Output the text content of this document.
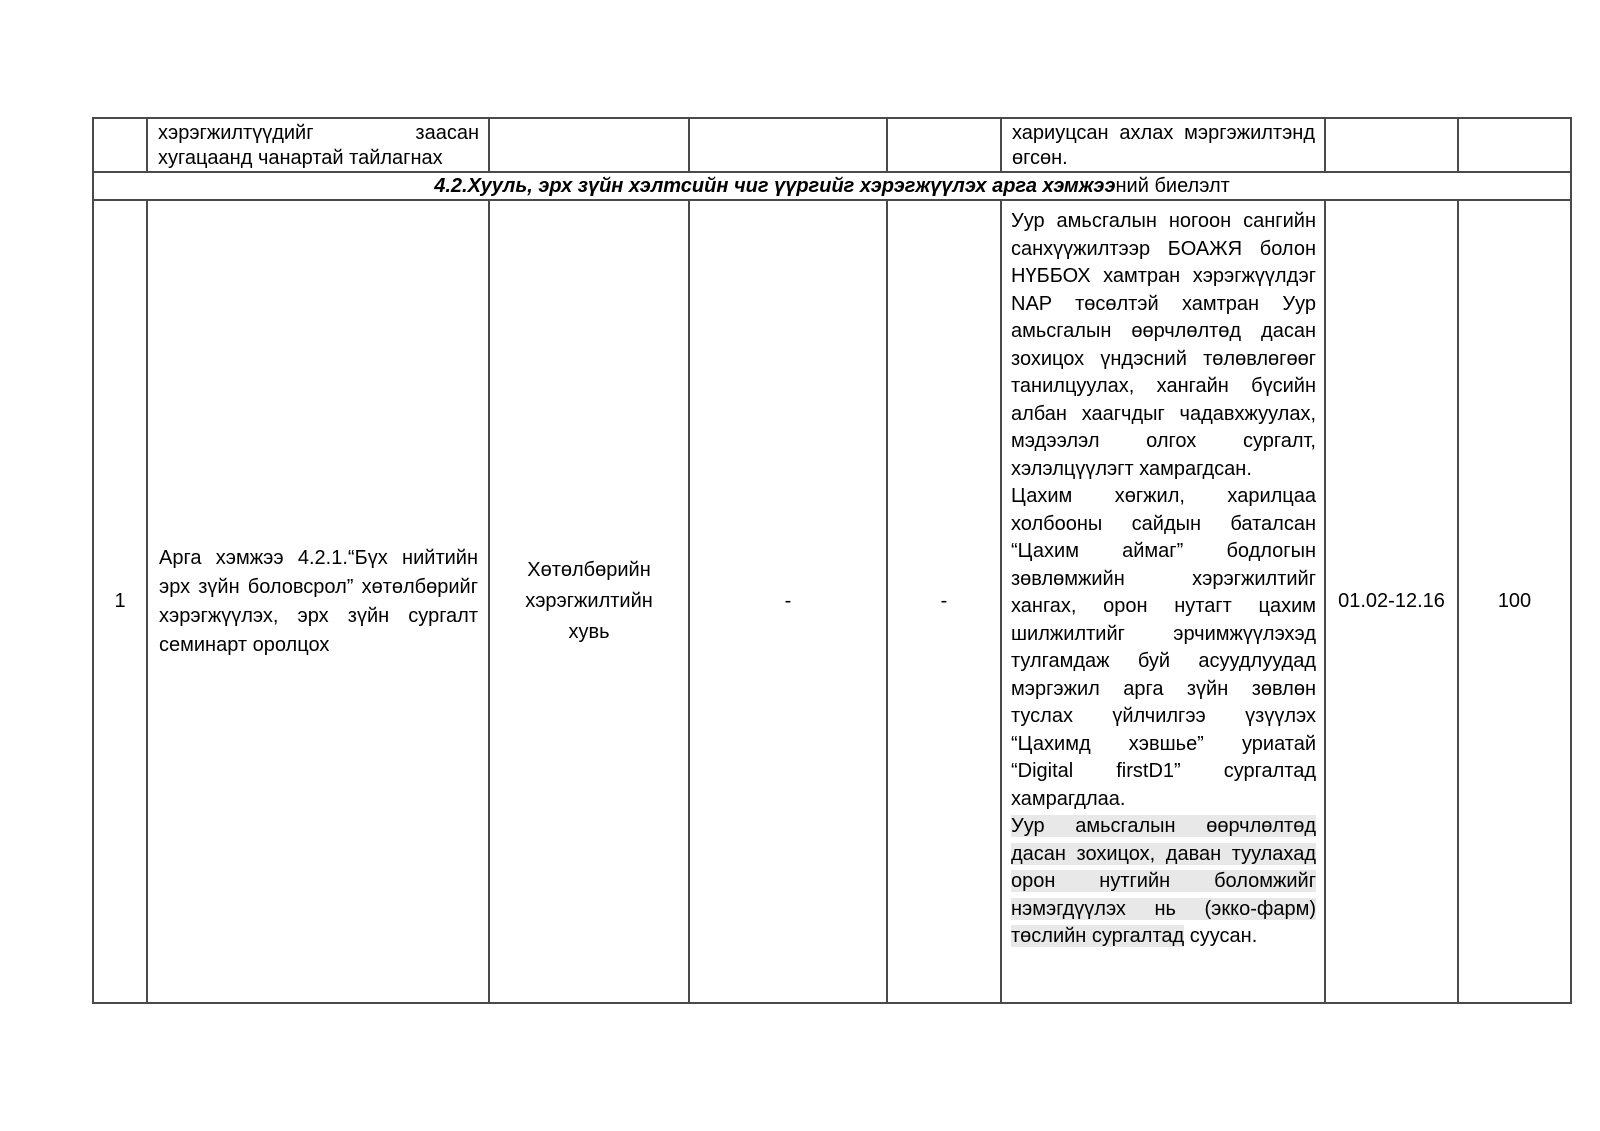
	хэрэгжилтүүдийг заасан хугацаанд чанартай тайлагнах				хариуцсан ахлах мэргэжилтэнд өгсөн.		

4.2.Хууль, эрх зүйн хэлтсийн чиг үүргийг хэрэгжүүлэх арга хэмжээний биелэлт							
1	Арга хэмжээ 4.2.1.“Бүх нийтийн эрх зүйн боловсрол” хөтөлбөрийг хэрэгжүүлэх, эрх зүйн сургалт семинарт оролцох	Хөтөлбөрийн хэрэгжилтийн хувь	-	-	Уур амьсгалын ногоон сангийн санхүүжилтээр БОАЖЯ болон НҮББОХ хамтран хэрэгжүүлдэг NAP төсөлтэй хамтран Уур амьсгалын өөрчлөлтөд дасан зохицох үндэсний төлөвлөгөөг танилцуулах, хангайн бүсийн албан хаагчдыг чадавхжуулах, мэдээлэл олгох сургалт, хэлэлцүүлэгт хамрагдсан.
Цахим хөгжил, харилцаа холбооны сайдын баталсан “Цахим аймаг” бодлогын зөвлөмжийн хэрэгжилтийг хангах, орон нутагт цахим шилжилтийг эрчимжүүлэхэд тулгамдаж буй асуудлуудад мэргэжил арга зүйн зөвлөн туслах үйлчилгээ үзүүлэх “Цахимд хэвшье” уриатай “Digital firstD1” сургалтад хамрагдлаа.
Уур амьсгалын өөрчлөлтөд дасан зохицох, даван туулахад орон нутгийн боломжийг нэмэгдүүлэх нь (экко-фарм) төслийн сургалтад суусан.	01.02-12.16	100
